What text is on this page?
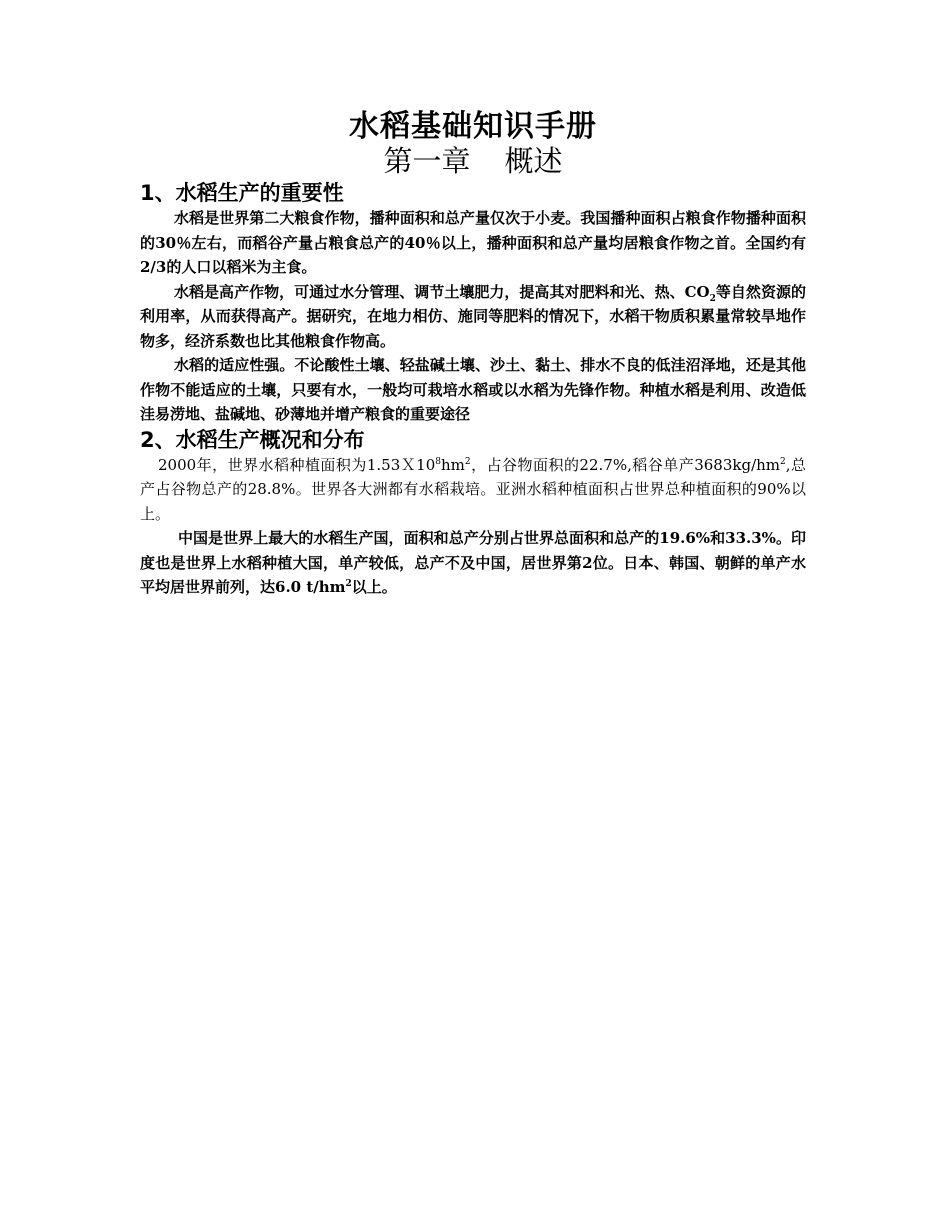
水稻基础知识手册
第一章 概述
1、水稻生产的重要性

水稻是世界第二大粮食作物，播种面积和总产量仅次于小麦。我国播种面积占粮食作物播种面积的30％左右，而稻谷产量占粮食总产的40％以上，播种面积和总产量均居粮食作物之首。全国约有2/3的人口以稻米为主食。

水稻是高产作物，可通过水分管理、调节土壤肥力，提高其对肥料和光、热、$CO_2$等自然资源的利用率，从而获得高产。据研究，在地力相仿、施同等肥料的情况下，水稻干物质积累量常较旱地作物多，经济系数也比其他粮食作物高。

水稻的适应性强。不论酸性土壤、轻盐碱土壤、沙土、黏土、排水不良的低洼沼泽地，还是其他作物不能适应的土壤，只要有水，一般均可栽培水稻或以水稻为先锋作物。种植水稻是利用、改造低洼易涝地、盐碱地、砂薄地并增产粮食的重要途径

2、水稻生产概况和分布

2000年，世界水稻种植面积为$1.53X10^8hm^2$，占谷物面积的22.7%,稻谷单产$3683kg/hm^2$,总产占谷物总产的28.8%。世界各大洲都有水稻栽培。亚洲水稻种植面积占世界总种植面积的90%以上。

中国是世界上最大的水稻生产国，面积和总产分别占世界总面积和总产的19.6%和33.3%。印度也是世界上水稻种植大国，单产较低，总产不及中国，居世界第2位。日本、韩国、朝鲜的单产水平均居世界前列，达6.0 $t/hm^2$以上。
